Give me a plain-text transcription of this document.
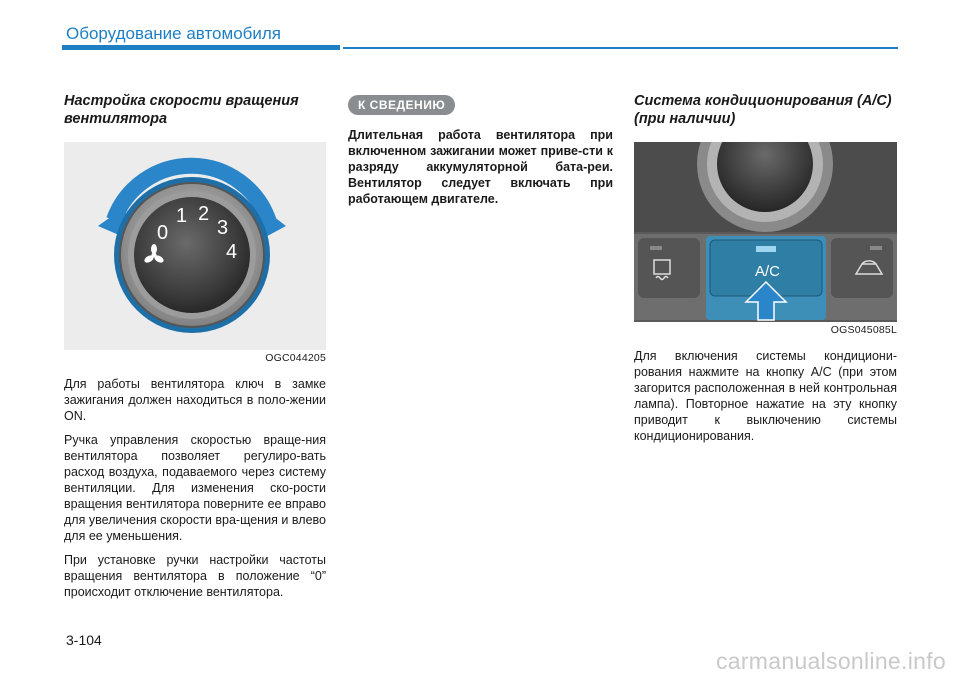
Оборудование автомобиля
Настройка скорости вращения вентилятора
0
1 2
3
4
OGC044205

Для работы вентилятора ключ в замке зажигания должен находиться в поло-жении ON.

Ручка управления скоростью враще-ния вентилятора позволяет регулиро-вать расход воздуха, подаваемого через систему вентиляции. Для изменения ско-рости вращения вентилятора поверните ее вправо для увеличения скорости вра-щения и влево для ее уменьшения.

При установке ручки настройки частоты вращения вентилятора в положение “0” происходит отключение вентилятора.

К СВЕДЕНИЮ
Длительная работа вентилятора при включенном зажигании может приве-сти к разряду аккумуляторной бата-реи. Вентилятор следует включать при работающем двигателе.
Система кондиционирования (A/C) (при наличии)
A/C
OGS045085L

Для включения системы кондициони-рования нажмите на кнопку A/C (при этом загорится расположенная в ней контрольная лампа). Повторное нажатие на эту кнопку приводит к выключению системы кондиционирования.

3-104
carmanualsonline.info
